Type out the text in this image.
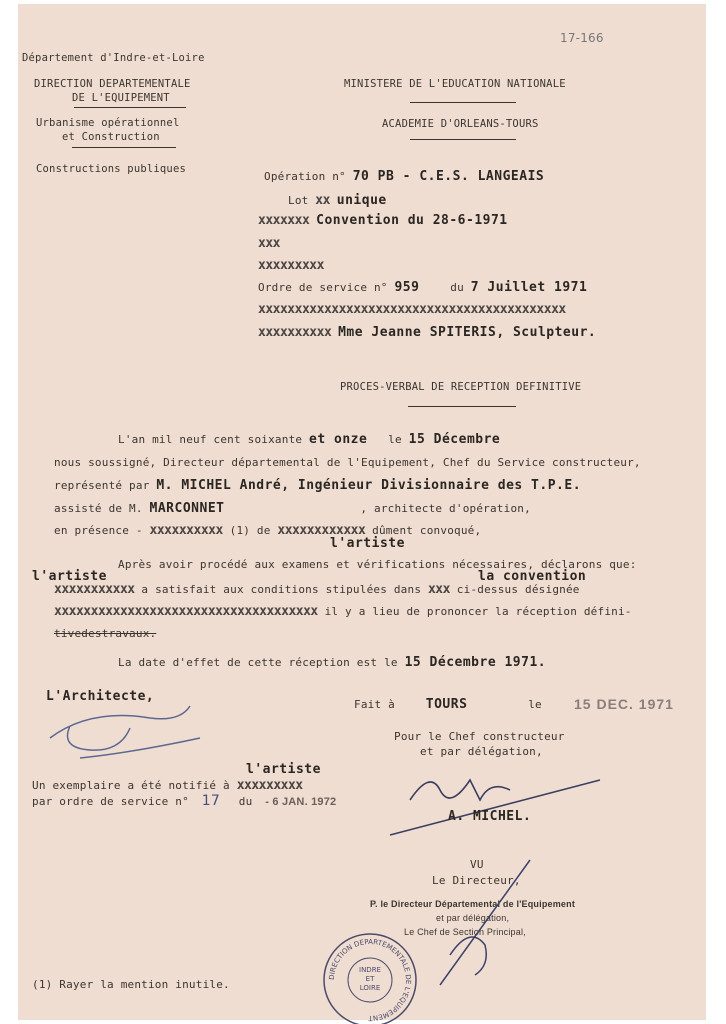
17-166
Département d'Indre-et-Loire
DIRECTION DEPARTEMENTALE
DE L'EQUIPEMENT
Urbanisme opérationnel
et Construction
Constructions publiques
MINISTERE DE L'EDUCATION NATIONALE
ACADEMIE D'ORLEANS-TOURS
Opération n° 70 PB - C.E.S. LANGEAIS
Lot xx unique
xxxxxxx Convention du 28-6-1971
xxx
xxxxxxxxx
Ordre de service n° 959	du 7 Juillet 1971
xxxxxxxxxxxxxxxxxxxxxxxxxxxxxxxxxxxxxxxxxx
xxxxxxxxxx Mme Jeanne SPITERIS, Sculpteur.
PROCES-VERBAL DE RECEPTION DEFINITIVE
L'an mil neuf cent soixante et onze le 15 Décembre
nous soussigné, Directeur départemental de l'Equipement, Chef du Service constructeur,
représenté par M. MICHEL André, Ingénieur Divisionnaire des T.P.E.
assisté de M. MARCONNET	, architecte d'opération,
en présence - xxxxxxxxxx (1) de xxxxxxxxxxxx dûment convoqué,
l'artiste
Après avoir procédé aux examens et vérifications nécessaires, déclarons que:
l'artiste	la convention
xxxxxxxxxxx a satisfait aux conditions stipulées dans xxx ci-dessus désignée
xxxxxxxxxxxxxxxxxxxxxxxxxxxxxxxxxxxx il y a lieu de prononcer la réception défini-
tivedestravaux.
La date d'effet de cette réception est le 15 Décembre 1971.
L'Architecte,
Fait à TOURS	le 15 DEC. 1971
Pour le Chef constructeur
et par délégation,
A. MICHEL.
l'artiste
Un exemplaire a été notifié à xxxxxxxxx
par ordre de service n° 17 du - 6 JAN. 1972
VU
Le Directeur,
P. le Directeur Départemental de l'Equipement
et par délégation,
Le Chef de Section Principal,
DIRECTION DEPARTEMENTALE DE L'EQUIPEMENT
INDRE
ET
LOIRE
(1) Rayer la mention inutile.
